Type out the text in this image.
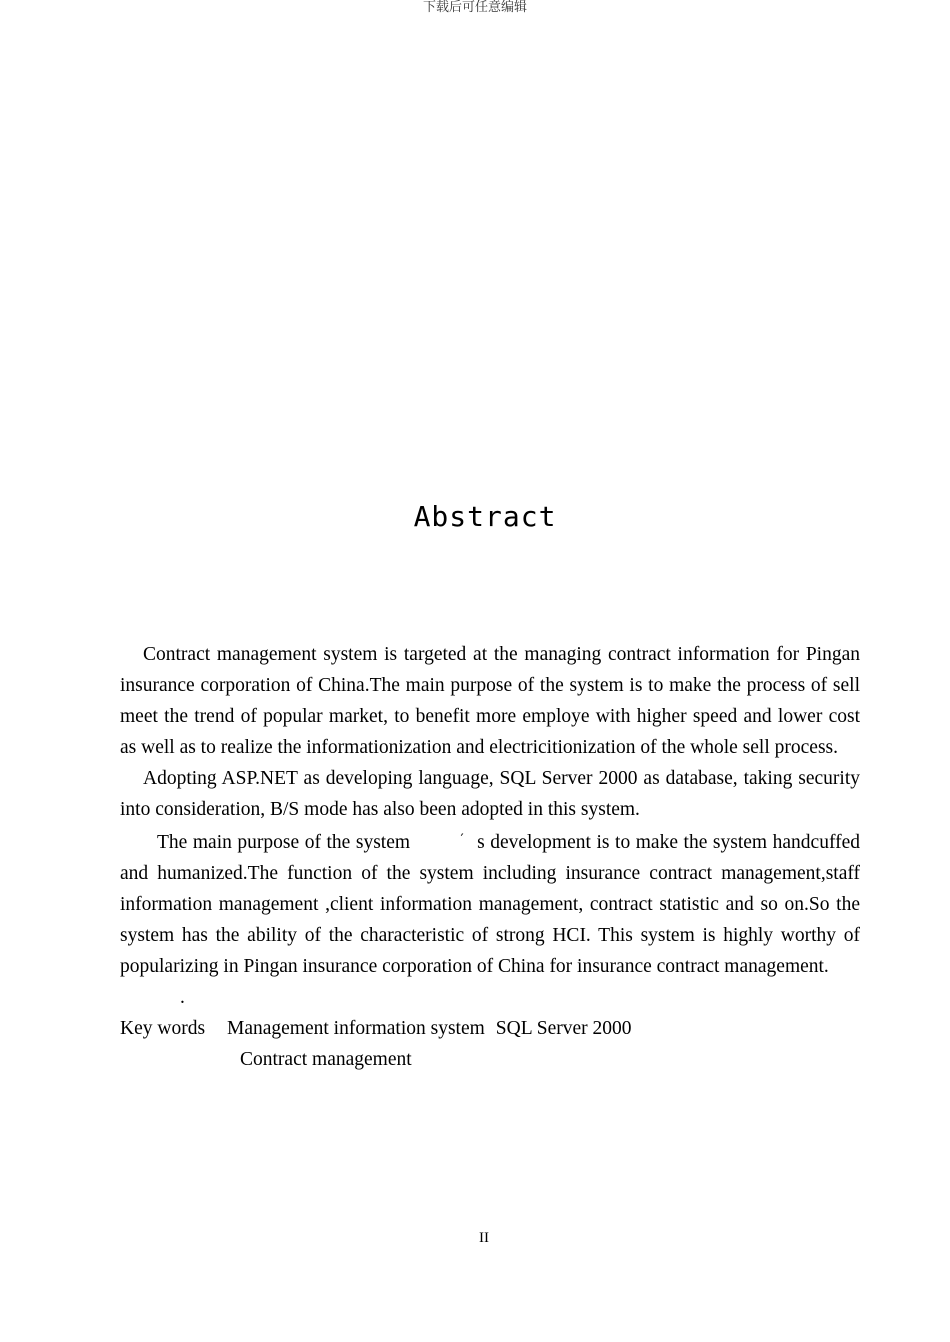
下载后可任意编辑
Abstract

Contract management system is targeted at the managing contract information for Pingan insurance corporation of China.The main purpose of the system is to make the process of sell meet the trend of popular market, to benefit more employe with higher speed and lower cost as well as to realize the informationization and electricitionization of the whole sell process.

Adopting ASP.NET as developing language, SQL Server 2000 as database, taking security into consideration, B/S mode has also been adopted in this system.

The main purpose of the system	′ s development is to make the system handcuffed and humanized.The function of the system including insurance contract management,staff information management ,client information management, contract statistic and so on.So the system has the ability of the characteristic of strong HCI. This system is highly worthy of popularizing in Pingan insurance corporation of China for insurance contract management.

.

Key words Management information system SQL Server 2000

Contract management

II
